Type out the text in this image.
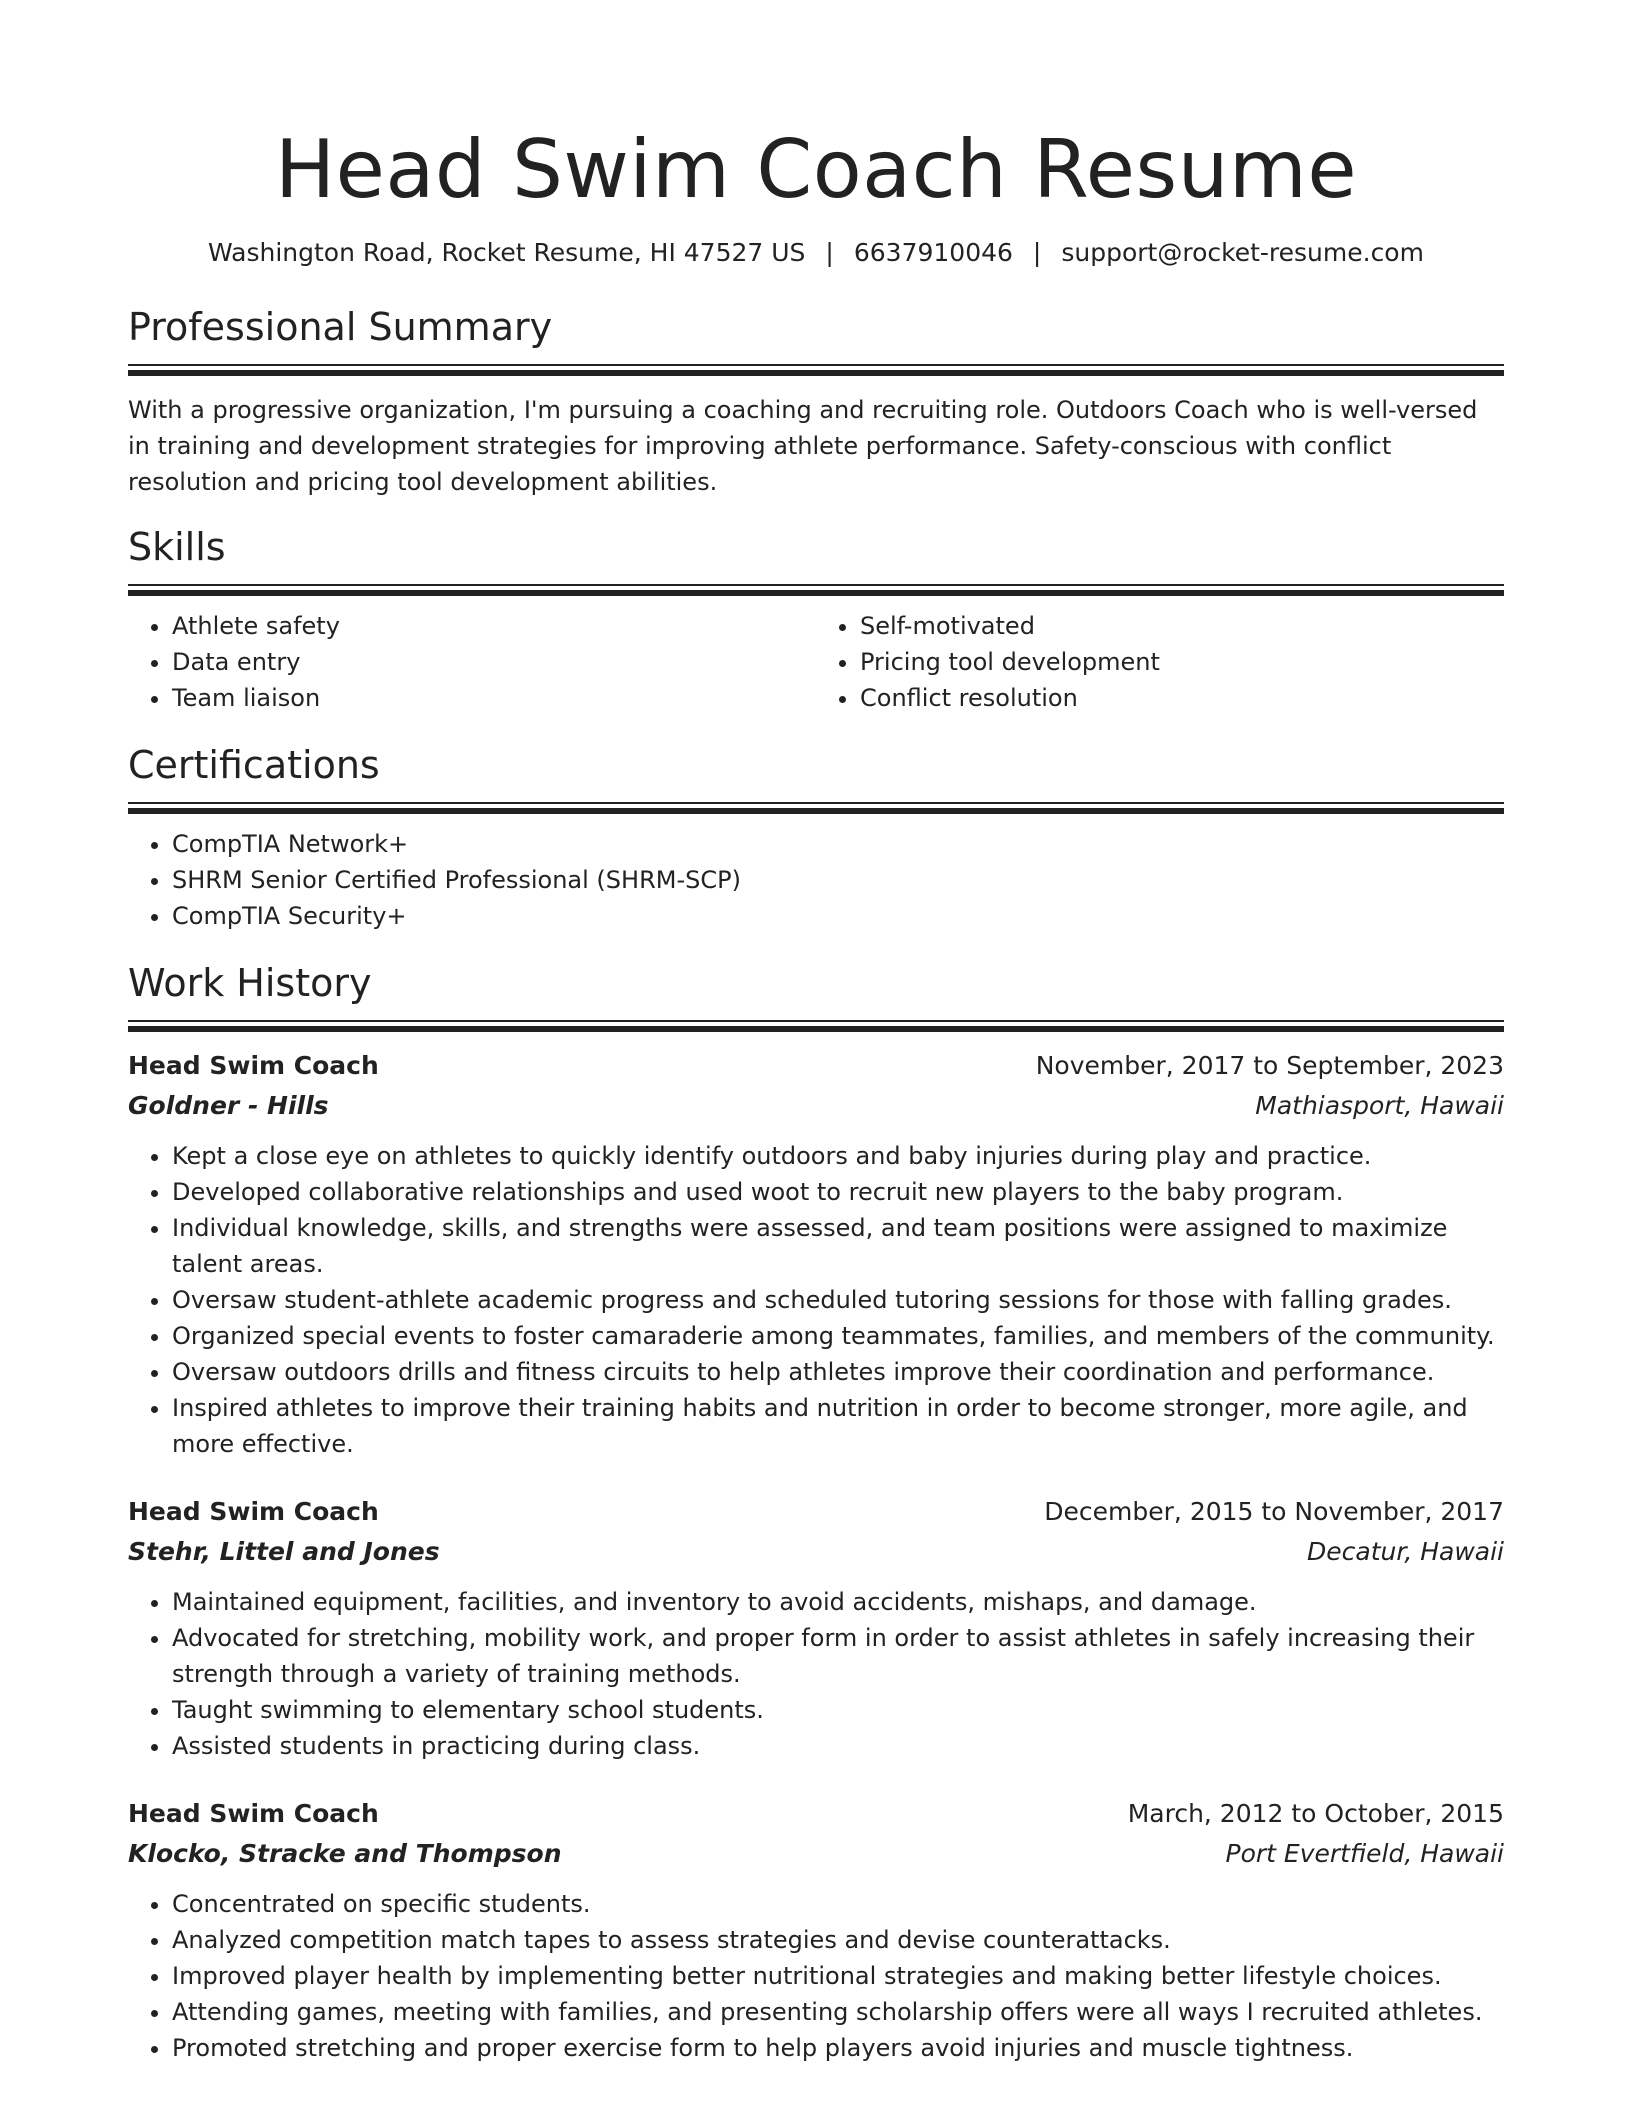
Head Swim Coach Resume
Washington Road, Rocket Resume, HI 47527 US | 6637910046 | support@rocket-resume.com
Professional Summary

With a progressive organization, I'm pursuing a coaching and recruiting role. Outdoors Coach who is well-versed in training and development strategies for improving athlete performance. Safety-conscious with conflict resolution and pricing tool development abilities.

Skills
• Athlete safety
• Data entry
• Team liaison
• Self-motivated
• Pricing tool development
• Conflict resolution
Certifications
• CompTIA Network+
• SHRM Senior Certified Professional (SHRM-SCP)
• CompTIA Security+
Work History
Head Swim Coach	November, 2017 to September, 2023
Goldner - Hills	Mathiasport, Hawaii
• Kept a close eye on athletes to quickly identify outdoors and baby injuries during play and practice.
• Developed collaborative relationships and used woot to recruit new players to the baby program.
• Individual knowledge, skills, and strengths were assessed, and team positions were assigned to maximize talent areas.
• Oversaw student-athlete academic progress and scheduled tutoring sessions for those with falling grades.
• Organized special events to foster camaraderie among teammates, families, and members of the community.
• Oversaw outdoors drills and fitness circuits to help athletes improve their coordination and performance.
• Inspired athletes to improve their training habits and nutrition in order to become stronger, more agile, and more effective.
Head Swim Coach	December, 2015 to November, 2017
Stehr, Littel and Jones	Decatur, Hawaii
• Maintained equipment, facilities, and inventory to avoid accidents, mishaps, and damage.
• Advocated for stretching, mobility work, and proper form in order to assist athletes in safely increasing their strength through a variety of training methods.
• Taught swimming to elementary school students.
• Assisted students in practicing during class.
Head Swim Coach	March, 2012 to October, 2015
Klocko, Stracke and Thompson	Port Evertfield, Hawaii
• Concentrated on specific students.
• Analyzed competition match tapes to assess strategies and devise counterattacks.
• Improved player health by implementing better nutritional strategies and making better lifestyle choices.
• Attending games, meeting with families, and presenting scholarship offers were all ways I recruited athletes.
• Promoted stretching and proper exercise form to help players avoid injuries and muscle tightness.
